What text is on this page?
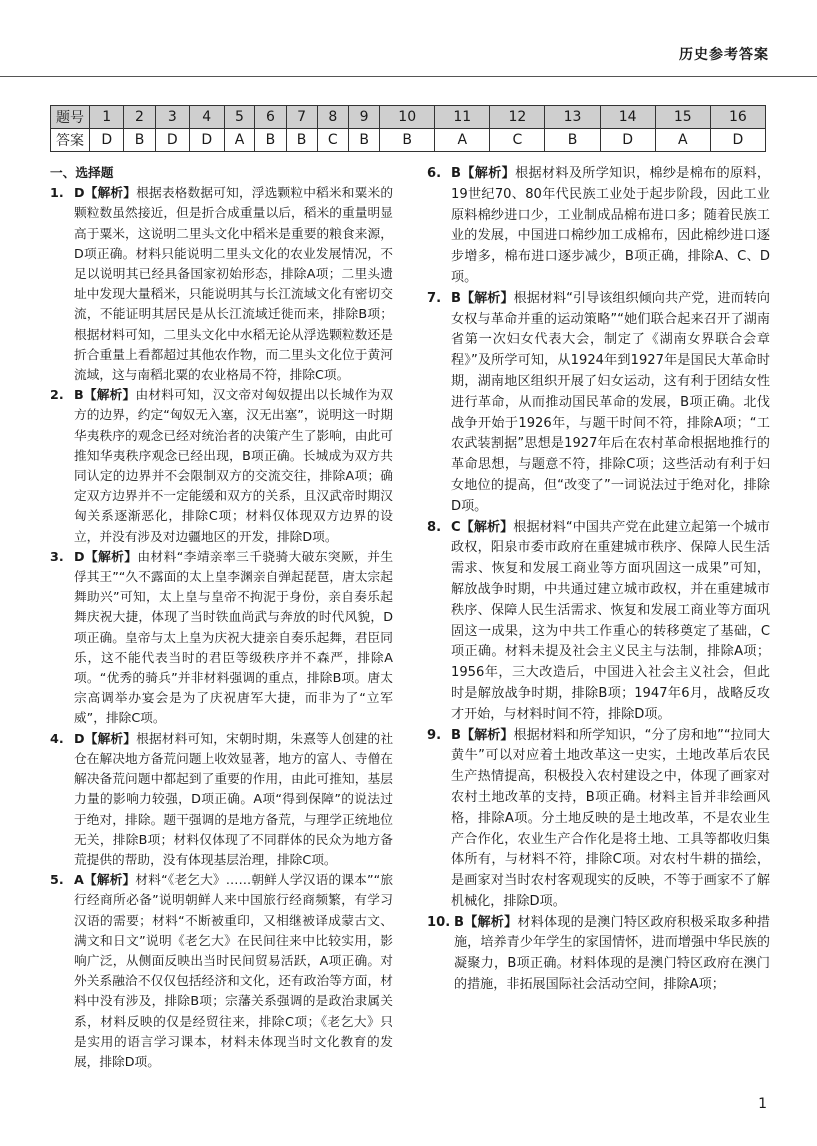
历史参考答案
题号	1	2	3	4	5	6	7	8	9	10	11	12	13	14	15	16
答案	D	B	D	D	A	B	B	C	B	B	A	C	B	D	A	D
一、选择题
1. D【解析】根据表格数据可知，浮选颗粒中稻米和粟米的颗粒数虽然接近，但是折合成重量以后，稻米的重量明显高于粟米，这说明二里头文化中稻米是重要的粮食来源，D项正确。材料只能说明二里头文化的农业发展情况，不足以说明其已经具备国家初始形态，排除A项；二里头遗址中发现大量稻米，只能说明其与长江流域文化有密切交流，不能证明其居民是从长江流域迁徙而来，排除B项；根据材料可知，二里头文化中水稻无论从浮选颗粒数还是折合重量上看都超过其他农作物，而二里头文化位于黄河流域，这与南稻北粟的农业格局不符，排除C项。
2. B【解析】由材料可知，汉文帝对匈奴提出以长城作为双方的边界，约定“匈奴无入塞，汉无出塞”，说明这一时期华夷秩序的观念已经对统治者的决策产生了影响，由此可推知华夷秩序观念已经出现，B项正确。长城成为双方共同认定的边界并不会限制双方的交流交往，排除A项；确定双方边界并不一定能缓和双方的关系，且汉武帝时期汉匈关系逐渐恶化，排除C项；材料仅体现双方边界的设立，并没有涉及对边疆地区的开发，排除D项。
3. D【解析】由材料“李靖亲率三千骁骑大破东突厥，并生俘其王”“久不露面的太上皇李渊亲自弹起琵琶，唐太宗起舞助兴”可知，太上皇与皇帝不拘泥于身份，亲自奏乐起舞庆祝大捷，体现了当时铁血尚武与奔放的时代风貌，D项正确。皇帝与太上皇为庆祝大捷亲自奏乐起舞，君臣同乐，这不能代表当时的君臣等级秩序并不森严，排除A项。“优秀的骑兵”并非材料强调的重点，排除B项。唐太宗高调举办宴会是为了庆祝唐军大捷，而非为了“立军威”，排除C项。
4. D【解析】根据材料可知，宋朝时期，朱熹等人创建的社仓在解决地方备荒问题上收效显著，地方的富人、寺僧在解决备荒问题中都起到了重要的作用，由此可推知，基层力量的影响力较强，D项正确。A项“得到保障”的说法过于绝对，排除。题干强调的是地方备荒，与理学正统地位无关，排除B项；材料仅体现了不同群体的民众为地方备荒提供的帮助，没有体现基层治理，排除C项。
5. A【解析】材料“《老乞大》……朝鲜人学汉语的课本”“旅行经商所必备”说明朝鲜人来中国旅行经商频繁，有学习汉语的需要；材料“不断被重印，又相继被译成蒙古文、满文和日文”说明《老乞大》在民间往来中比较实用，影响广泛，从侧面反映出当时民间贸易活跃，A项正确。对外关系融洽不仅仅包括经济和文化，还有政治等方面，材料中没有涉及，排除B项；宗藩关系强调的是政治隶属关系，材料反映的仅是经贸往来，排除C项；《老乞大》只是实用的语言学习课本，材料未体现当时文化教育的发展，排除D项。
6. B【解析】根据材料及所学知识，棉纱是棉布的原料，19世纪70、80年代民族工业处于起步阶段，因此工业原料棉纱进口少，工业制成品棉布进口多；随着民族工业的发展，中国进口棉纱加工成棉布，因此棉纱进口逐步增多，棉布进口逐步减少，B项正确，排除A、C、D项。
7. B【解析】根据材料“引导该组织倾向共产党，进而转向女权与革命并重的运动策略”“她们联合起来召开了湖南省第一次妇女代表大会，制定了《湖南女界联合会章程》”及所学可知，从1924年到1927年是国民大革命时期，湖南地区组织开展了妇女运动，这有利于团结女性进行革命，从而推动国民革命的发展，B项正确。北伐战争开始于1926年，与题干时间不符，排除A项；“工农武装割据”思想是1927年后在农村革命根据地推行的革命思想，与题意不符，排除C项；这些活动有利于妇女地位的提高，但“改变了”一词说法过于绝对化，排除D项。
8. C【解析】根据材料“中国共产党在此建立起第一个城市政权，阳泉市委市政府在重建城市秩序、保障人民生活需求、恢复和发展工商业等方面巩固这一成果”可知，解放战争时期，中共通过建立城市政权，并在重建城市秩序、保障人民生活需求、恢复和发展工商业等方面巩固这一成果，这为中共工作重心的转移奠定了基础，C项正确。材料未提及社会主义民主与法制，排除A项；1956年，三大改造后，中国进入社会主义社会，但此时是解放战争时期，排除B项；1947年6月，战略反攻才开始，与材料时间不符，排除D项。
9. B【解析】根据材料和所学知识，“分了房和地”“拉同大黄牛”可以对应着土地改革这一史实，土地改革后农民生产热情提高，积极投入农村建设之中，体现了画家对农村土地改革的支持，B项正确。材料主旨并非绘画风格，排除A项。分土地反映的是土地改革，不是农业生产合作化，农业生产合作化是将土地、工具等都收归集体所有，与材料不符，排除C项。对农村牛耕的描绘，是画家对当时农村客观现实的反映，不等于画家不了解机械化，排除D项。
10. B【解析】材料体现的是澳门特区政府积极采取多种措施，培养青少年学生的家国情怀，进而增强中华民族的凝聚力，B项正确。材料体现的是澳门特区政府在澳门的措施，非拓展国际社会活动空间，排除A项；
1
